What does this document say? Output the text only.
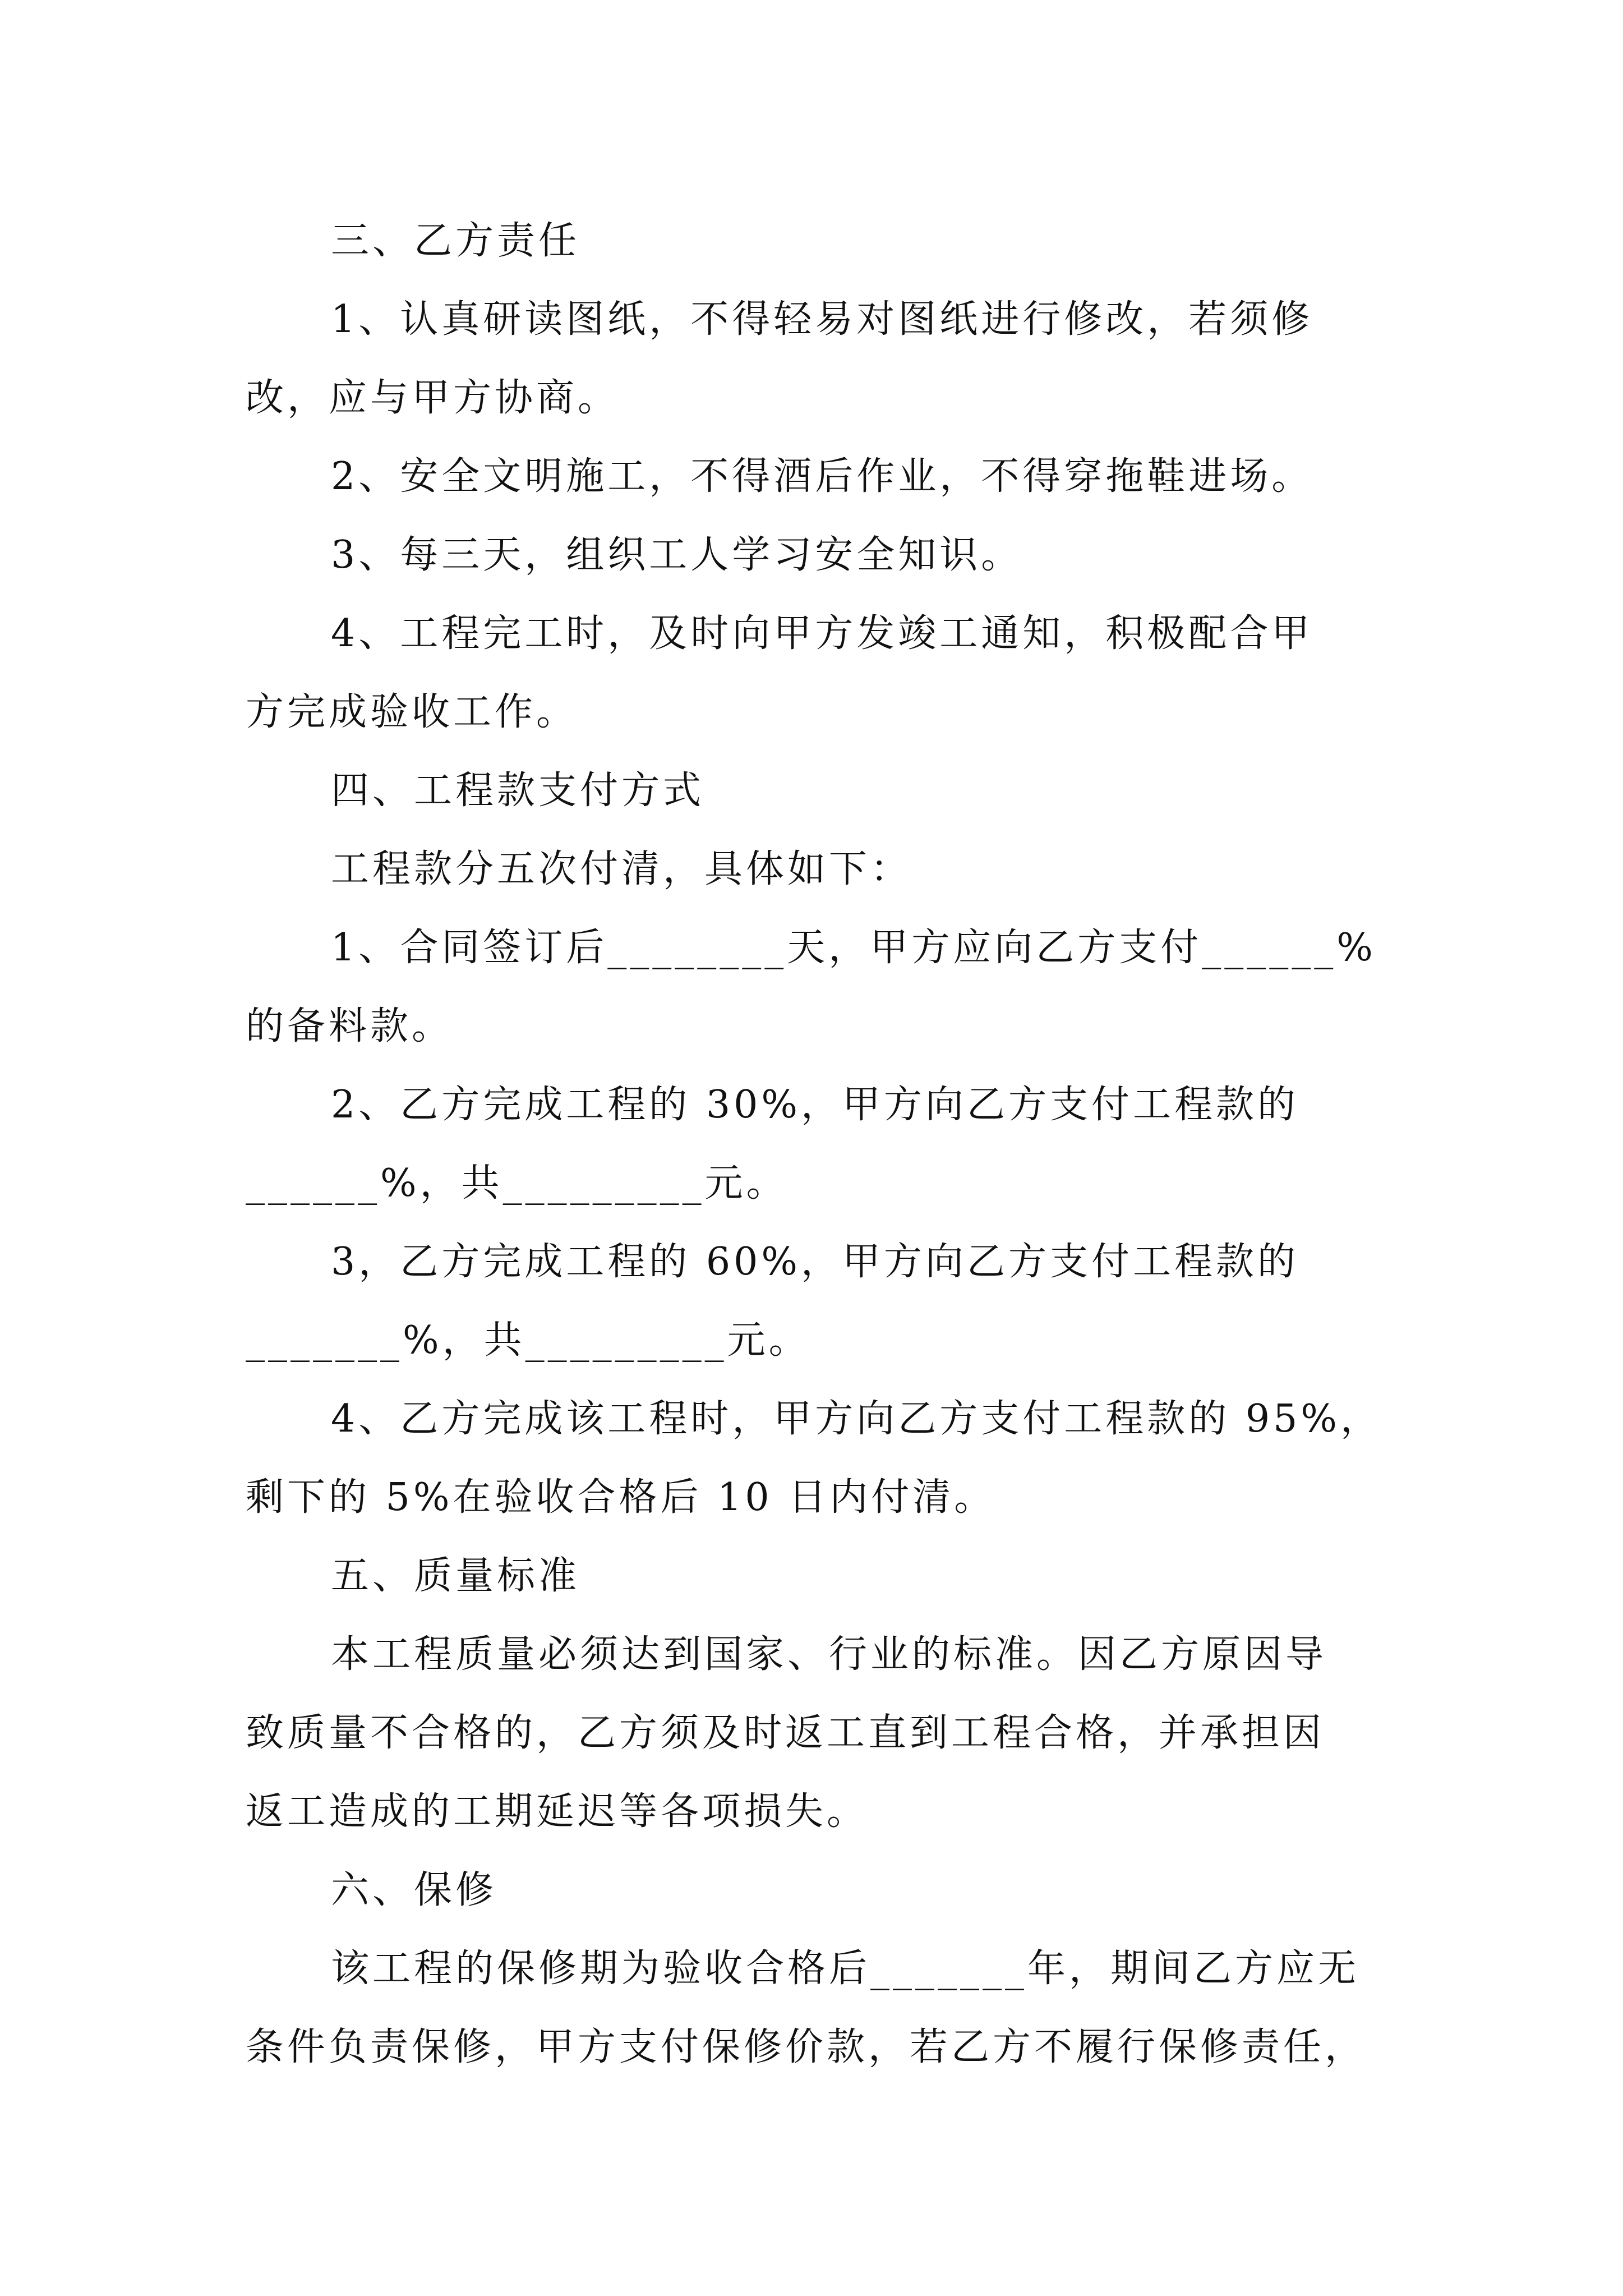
三、乙方责任
1、认真研读图纸，不得轻易对图纸进行修改，若须修
改，应与甲方协商。
2、安全文明施工，不得酒后作业，不得穿拖鞋进场。
3、每三天，组织工人学习安全知识。
4、工程完工时，及时向甲方发竣工通知，积极配合甲
方完成验收工作。
四、工程款支付方式
工程款分五次付清，具体如下：
1、合同签订后________天，甲方应向乙方支付______%
的备料款。
2、乙方完成工程的 30%，甲方向乙方支付工程款的
______%，共_________元。
3，乙方完成工程的 60%，甲方向乙方支付工程款的
_______%，共_________元。
4、乙方完成该工程时，甲方向乙方支付工程款的 95%，
剩下的 5%在验收合格后 10 日内付清。
五、质量标准
本工程质量必须达到国家、行业的标准。因乙方原因导
致质量不合格的，乙方须及时返工直到工程合格，并承担因
返工造成的工期延迟等各项损失。
六、保修
该工程的保修期为验收合格后_______年，期间乙方应无
条件负责保修，甲方支付保修价款，若乙方不履行保修责任，
